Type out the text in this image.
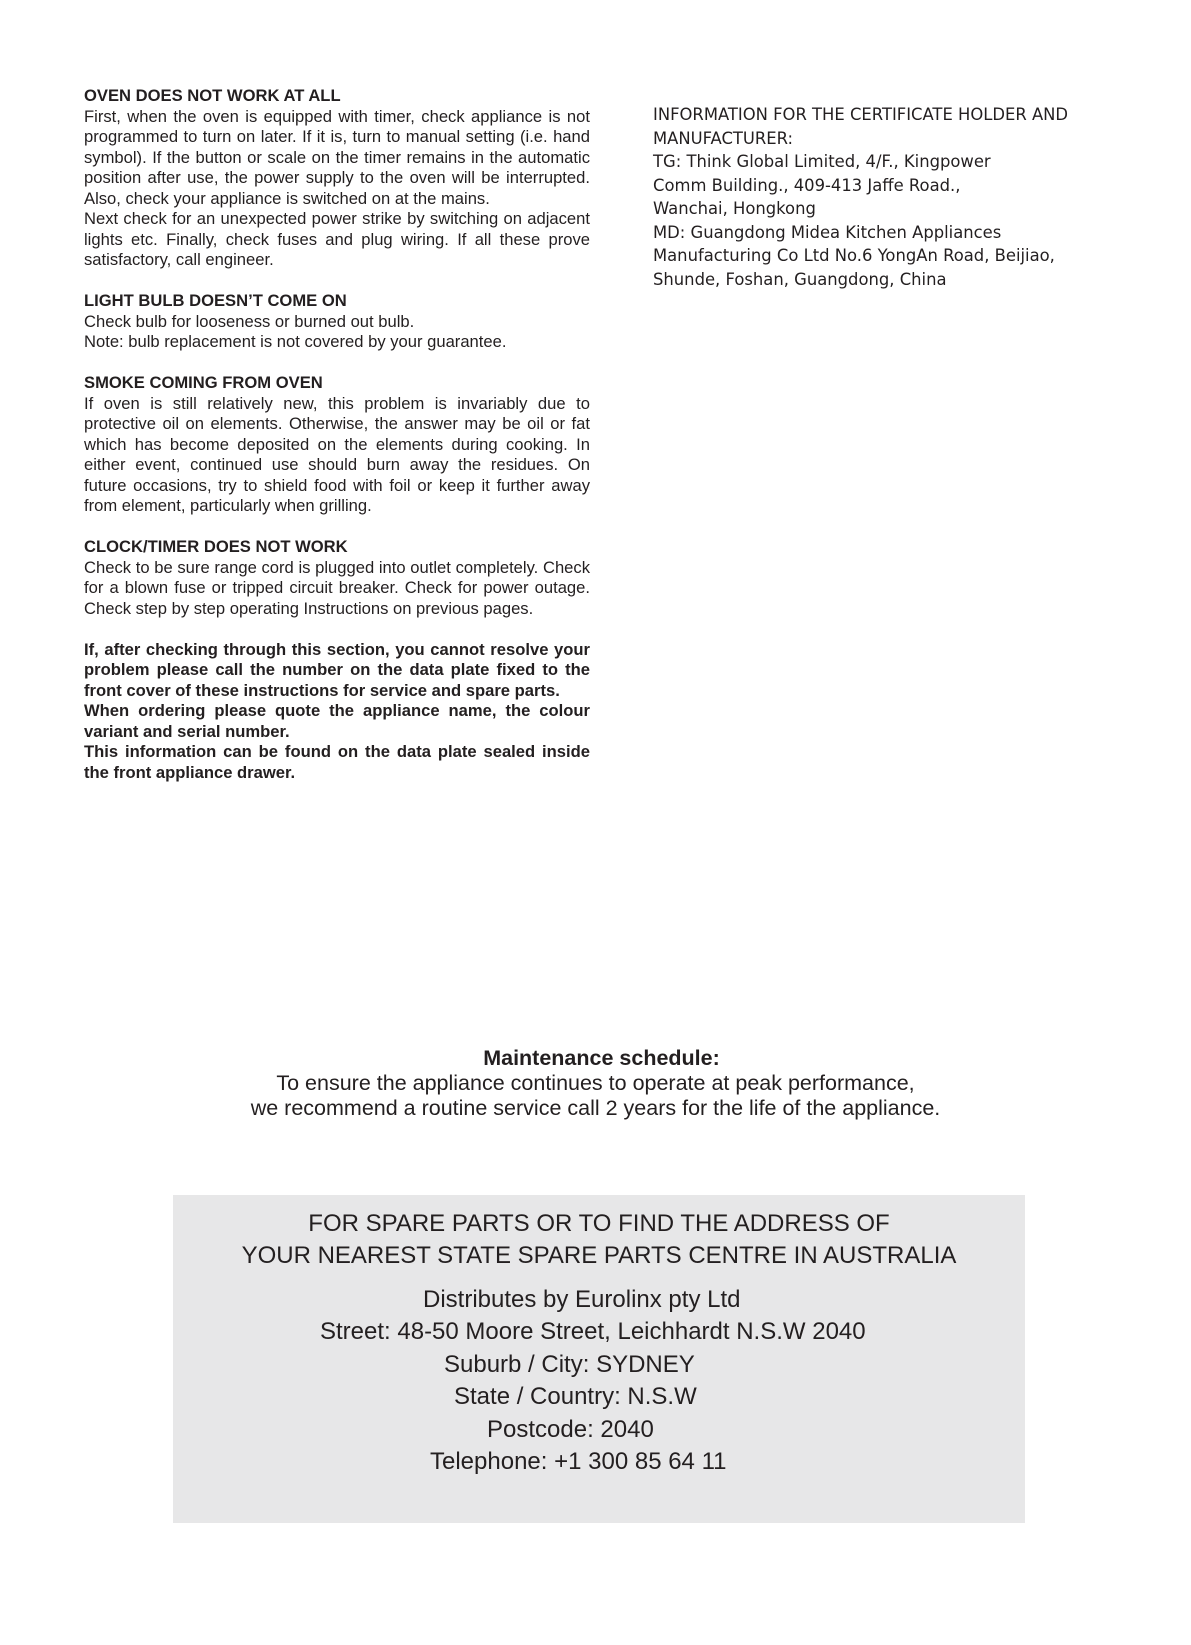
OVEN DOES NOT WORK AT ALL

First, when the oven is equipped with timer, check appliance is not programmed to turn on later. If it is, turn to manual setting (i.e. hand symbol). If the button or scale on the timer remains in the automatic position after use, the power supply to the oven will be interrupted. Also, check your appliance is switched on at the mains.

Next check for an unexpected power strike by switching on adjacent lights etc. Finally, check fuses and plug wiring. If all these prove satisfactory, call engineer.

LIGHT BULB DOESN’T COME ON

Check bulb for looseness or burned out bulb.

Note: bulb replacement is not covered by your guarantee.

SMOKE COMING FROM OVEN

If oven is still relatively new, this problem is invariably due to protective oil on elements. Otherwise, the answer may be oil or fat which has become deposited on the elements during cooking. In either event, continued use should burn away the residues. On future occasions, try to shield food with foil or keep it further away from element, particularly when grilling.

CLOCK/TIMER DOES NOT WORK

Check to be sure range cord is plugged into outlet completely. Check for a blown fuse or tripped circuit breaker. Check for power outage. Check step by step operating Instructions on previous pages.

If, after checking through this section, you cannot resolve your problem please call the number on the data plate fixed to the front cover of these instructions for service and spare parts.

When ordering please quote the appliance name, the colour variant and serial number.

This information can be found on the data plate sealed inside the front appliance drawer.

INFORMATION FOR THE CERTIFICATE HOLDER AND
MANUFACTURER:
TG: Think Global Limited, 4/F., Kingpower
Comm Building., 409-413 Jaffe Road.,
Wanchai, Hongkong
MD: Guangdong Midea Kitchen Appliances
Manufacturing Co Ltd No.6 YongAn Road, Beijiao,
Shunde, Foshan, Guangdong, China
Maintenance schedule:
To ensure the appliance continues to operate at peak performance,
we recommend a routine service call 2 years for the life of the appliance.
FOR SPARE PARTS OR TO FIND THE ADDRESS OF
YOUR NEAREST STATE SPARE PARTS CENTRE IN AUSTRALIA
Distributes by Eurolinx pty Ltd
Street: 48-50 Moore Street, Leichhardt N.S.W 2040
Suburb / City: SYDNEY
State / Country: N.S.W
Postcode: 2040
Telephone: +1 300 85 64 11
